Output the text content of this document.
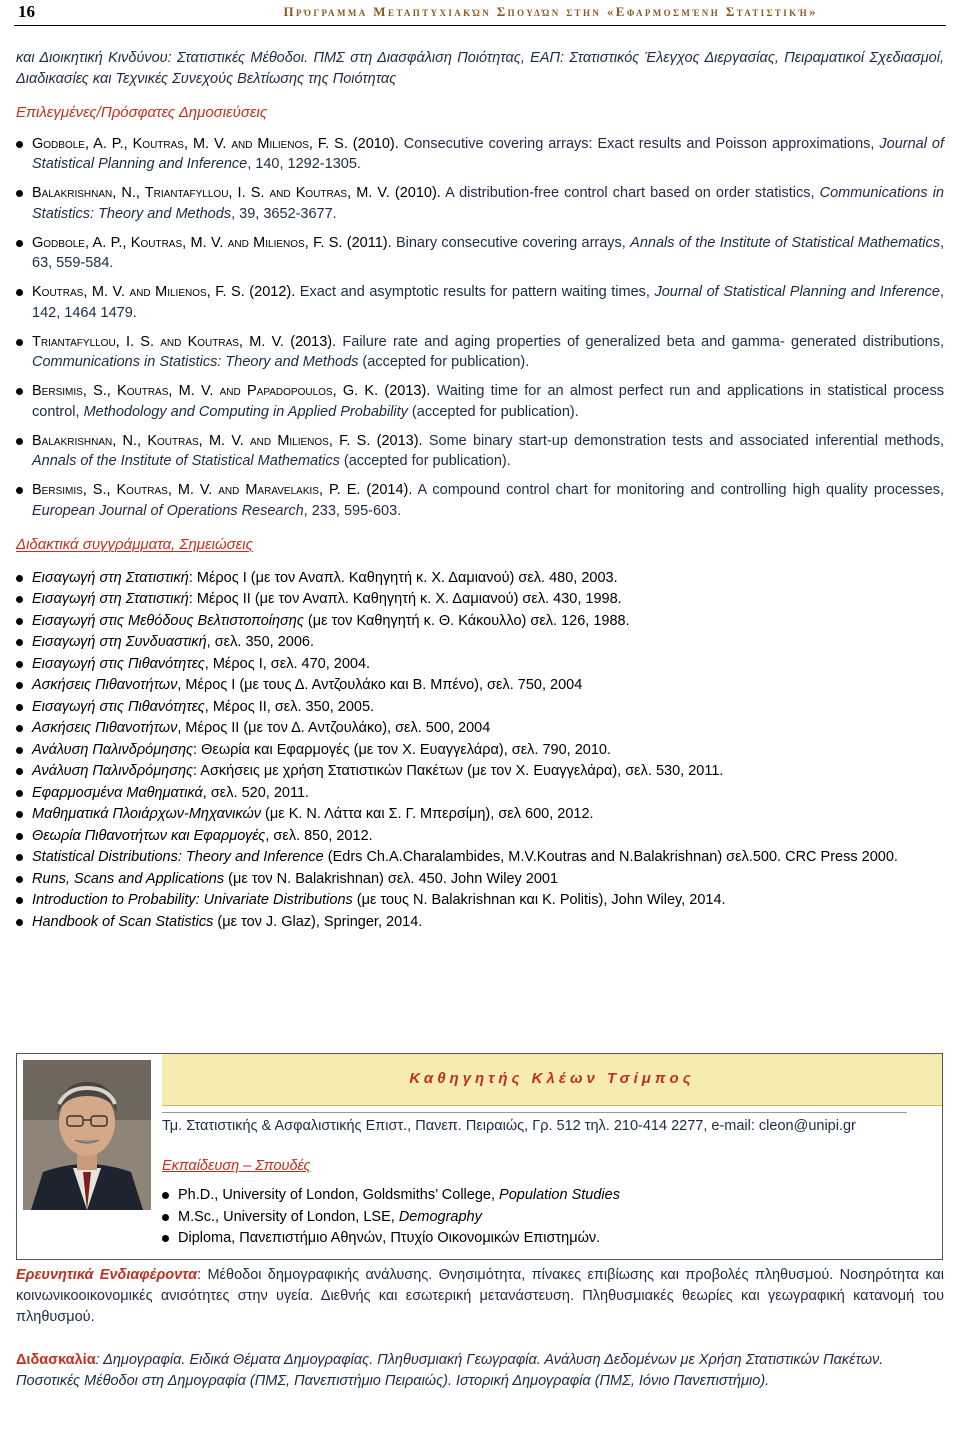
16	Πρόγραμμα Μεταπτυχιακών Σπουδών στην «Εφαρμοσμένη Στατιστική»

και Διοικητική Κινδύνου: Στατιστικές Μέθοδοι. ΠΜΣ στη Διασφάλιση Ποιότητας, ΕΑΠ: Στατιστικός Έλεγχος Διεργασίας, Πειραματικοί Σχεδιασμοί, Διαδικασίες και Τεχνικές Συνεχούς Βελτίωσης της Ποιότητας

Επιλεγμένες/Πρόσφατες Δημοσιεύσεις
Godbole, A. P., Koutras, M. V. and Milienos, F. S. (2010). Consecutive covering arrays: Exact results and Poisson approximations, Journal of Statistical Planning and Inference, 140, 1292-1305.
Balakrishnan, N., Triantafyllou, I. S. and Koutras, M. V. (2010). A distribution-free control chart based on order statistics, Communications in Statistics: Theory and Methods, 39, 3652-3677.
Godbole, A. P., Koutras, M. V. and Milienos, F. S. (2011). Binary consecutive covering arrays, Annals of the Institute of Statistical Mathematics, 63, 559-584.
Koutras, M. V. and Milienos, F. S. (2012). Exact and asymptotic results for pattern waiting times, Journal of Statistical Planning and Inference, 142, 1464 1479.
Triantafyllou, I. S. and Koutras, M. V. (2013). Failure rate and aging properties of generalized beta and gamma- generated distributions, Communications in Statistics: Theory and Methods (accepted for publication).
Bersimis, S., Koutras, M. V. and Papadopoulos, G. K. (2013). Waiting time for an almost perfect run and applications in statistical process control, Methodology and Computing in Applied Probability (accepted for publication).
Balakrishnan, N., Koutras, M. V. and Milienos, F. S. (2013). Some binary start-up demonstration tests and associated inferential methods, Annals of the Institute of Statistical Mathematics (accepted for publication).
Bersimis, S., Koutras, M. V. and Maravelakis, P. E. (2014). A compound control chart for monitoring and controlling high quality processes, European Journal of Operations Research, 233, 595-603.
Διδακτικά συγγράμματα, Σημειώσεις
Εισαγωγή στη Στατιστική: Μέρος Ι (με τον Αναπλ. Καθηγητή κ. Χ. Δαμιανού) σελ. 480, 2003.
Εισαγωγή στη Στατιστική: Μέρος ΙΙ (με τον Αναπλ. Καθηγητή κ. Χ. Δαμιανού) σελ. 430, 1998.
Εισαγωγή στις Μεθόδους Βελτιστοποίησης (με τον Καθηγητή κ. Θ. Κάκουλλο) σελ. 126, 1988.
Εισαγωγή στη Συνδυαστική, σελ. 350, 2006.
Εισαγωγή στις Πιθανότητες, Μέρος Ι, σελ. 470, 2004.
Ασκήσεις Πιθανοτήτων, Μέρος Ι (με τους Δ. Αντζουλάκο και Β. Μπένο), σελ. 750, 2004
Εισαγωγή στις Πιθανότητες, Μέρος ΙΙ, σελ. 350, 2005.
Ασκήσεις Πιθανοτήτων, Μέρος ΙΙ (με τον Δ. Αντζουλάκο), σελ. 500, 2004
Ανάλυση Παλινδρόμησης: Θεωρία και Εφαρμογές (με τον Χ. Ευαγγελάρα), σελ. 790, 2010.
Ανάλυση Παλινδρόμησης: Ασκήσεις με χρήση Στατιστικών Πακέτων (με τον Χ. Ευαγγελάρα), σελ. 530, 2011.
Εφαρμοσμένα Μαθηματικά, σελ. 520, 2011.
Μαθηματικά Πλοιάρχων-Μηχανικών (με Κ. Ν. Λάττα και Σ. Γ. Μπερσίμη), σελ 600, 2012.
Θεωρία Πιθανοτήτων και Εφαρμογές, σελ. 850, 2012.
Statistical Distributions: Theory and Inference (Edrs Ch.A.Charalambides, M.V.Koutras and N.Balakrishnan) σελ.500. CRC Press 2000.
Runs, Scans and Applications (με τον N. Balakrishnan) σελ. 450. John Wiley 2001
Introduction to Probability: Univariate Distributions (με τους N. Balakrishnan και K. Politis), John Wiley, 2014.
Handbook of Scan Statistics (με τον J. Glaz), Springer, 2014.
Καθηγητής Κλέων Τσίμπος
Τμ. Στατιστικής & Ασφαλιστικής Επιστ., Πανεπ. Πειραιώς, Γρ. 512 τηλ. 210-414 2277, e-mail: cleon@unipi.gr
Εκπαίδευση – Σπουδές
Ph.D., University of London, Goldsmiths’ College, Population Studies
M.Sc., University of London, LSE, Demography
Diploma, Πανεπιστήμιο Αθηνών, Πτυχίο Οικονομικών Επιστημών.
Ερευνητικά Ενδιαφέροντα: Μέθοδοι δημογραφικής ανάλυσης. Θνησιμότητα, πίνακες επιβίωσης και προβολές πληθυσμού. Νοσηρότητα και κοινωνικοοικονομικές ανισότητες στην υγεία. Διεθνής και εσωτερική μετανάστευση. Πληθυσμιακές θεωρίες και γεωγραφική κατανομή του πληθυσμού.
Διδασκαλία: Δημογραφία. Ειδικά Θέματα Δημογραφίας. Πληθυσμιακή Γεωγραφία. Ανάλυση Δεδομένων με Χρήση Στατιστικών Πακέτων. Ποσοτικές Μέθοδοι στη Δημογραφία (ΠΜΣ, Πανεπιστήμιο Πειραιώς). Ιστορική Δημογραφία (ΠΜΣ, Ιόνιο Πανεπιστήμιο).
